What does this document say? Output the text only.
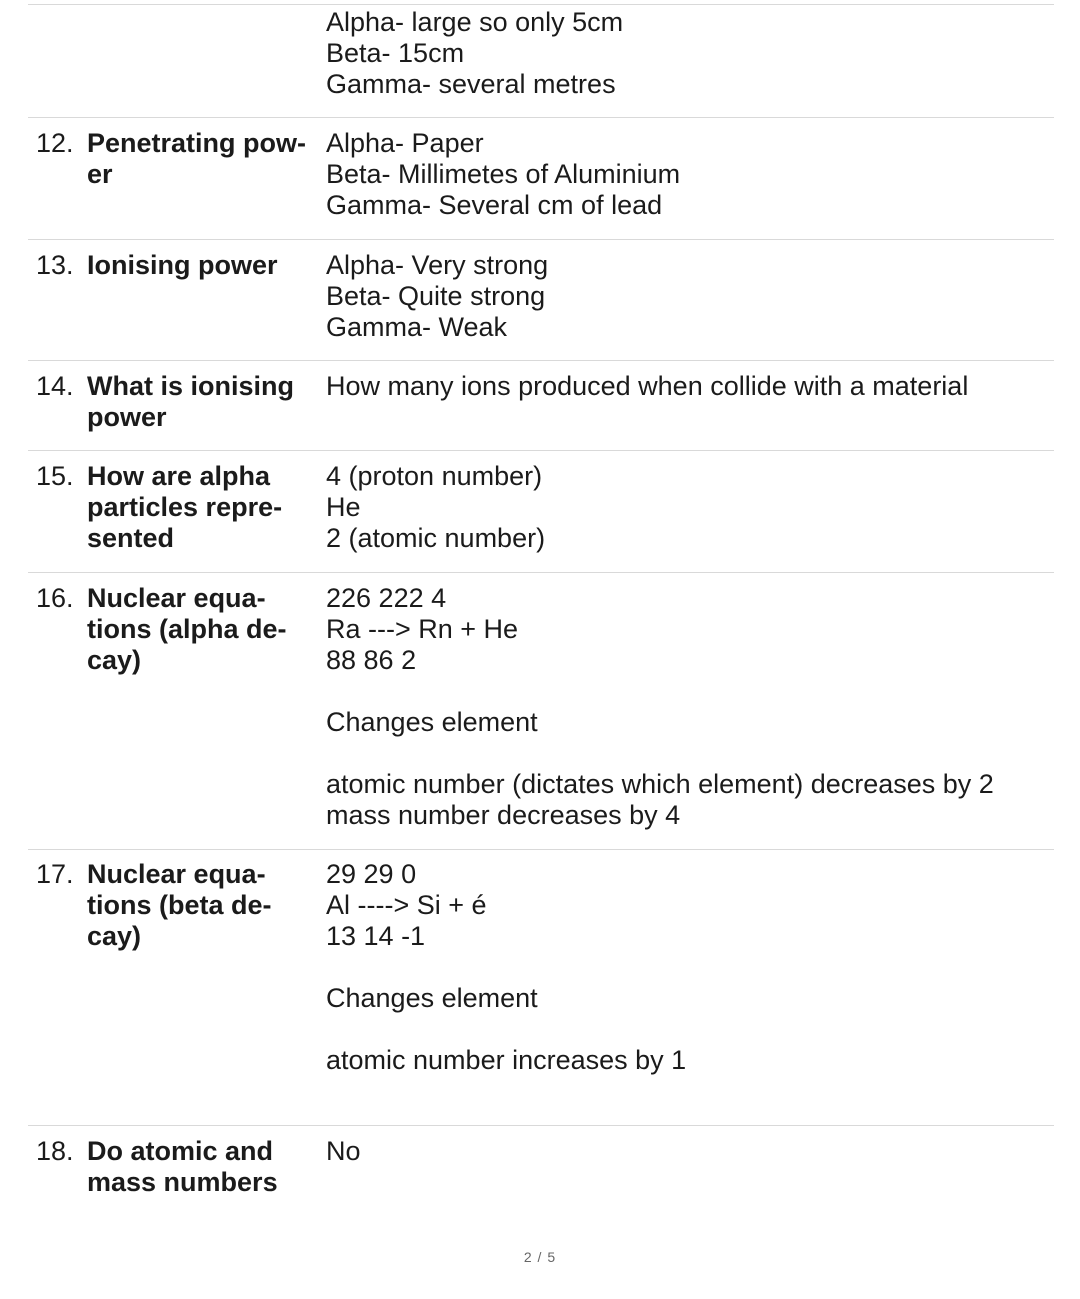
Alpha- large so only 5cm
Beta- 15cm
Gamma- several metres
12. Penetrating pow-
er
Alpha- Paper
Beta- Millimetes of Aluminium
Gamma- Several cm of lead
13. Ionising power	Alpha- Very strong
Beta- Quite strong
Gamma- Weak
14. What is ionising
power
How many ions produced when collide with a material
15. How are alpha
particles repre-
sented
4 (proton number)
He
2 (atomic number)
16. Nuclear equa-
tions (alpha de-
cay)
226 222 4
Ra ---> Rn + He
88 86 2
Changes element
atomic number (dictates which element) decreases by 2
mass number decreases by 4
17. Nuclear equa-
tions (beta de-
cay)
29 29 0
Al ----> Si + é
13 14 -1
Changes element
atomic number increases by 1
18. Do atomic and
mass numbers
No
2 / 5
